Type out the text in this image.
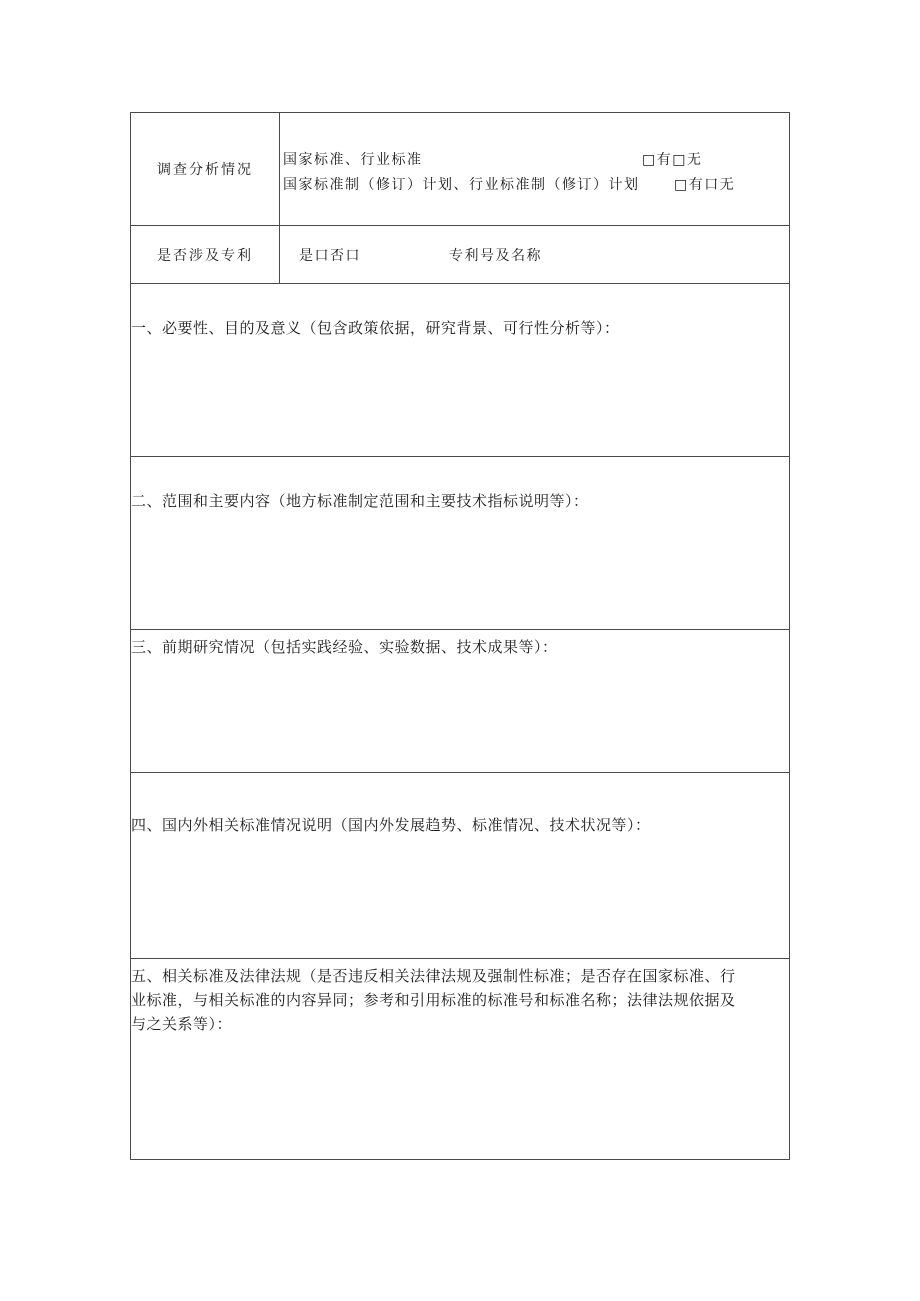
调查分析情况
国家标准、行业标准	□有□无
国家标准制（修订）计划、行业标准制（修订）计划 □有口无
是否涉及专利	是口否口	专利号及名称
一、必要性、目的及意义（包含政策依据，研究背景、可行性分析等）：
二、范围和主要内容（地方标准制定范围和主要技术指标说明等）：
三、前期研究情况（包括实践经验、实验数据、技术成果等）：
四、国内外相关标准情况说明（国内外发展趋势、标准情况、技术状况等）：
五、相关标准及法律法规（是否违反相关法律法规及强制性标准；是否存在国家标准、行
业标准，与相关标准的内容异同；参考和引用标准的标准号和标准名称；法律法规依据及
与之关系等）：
